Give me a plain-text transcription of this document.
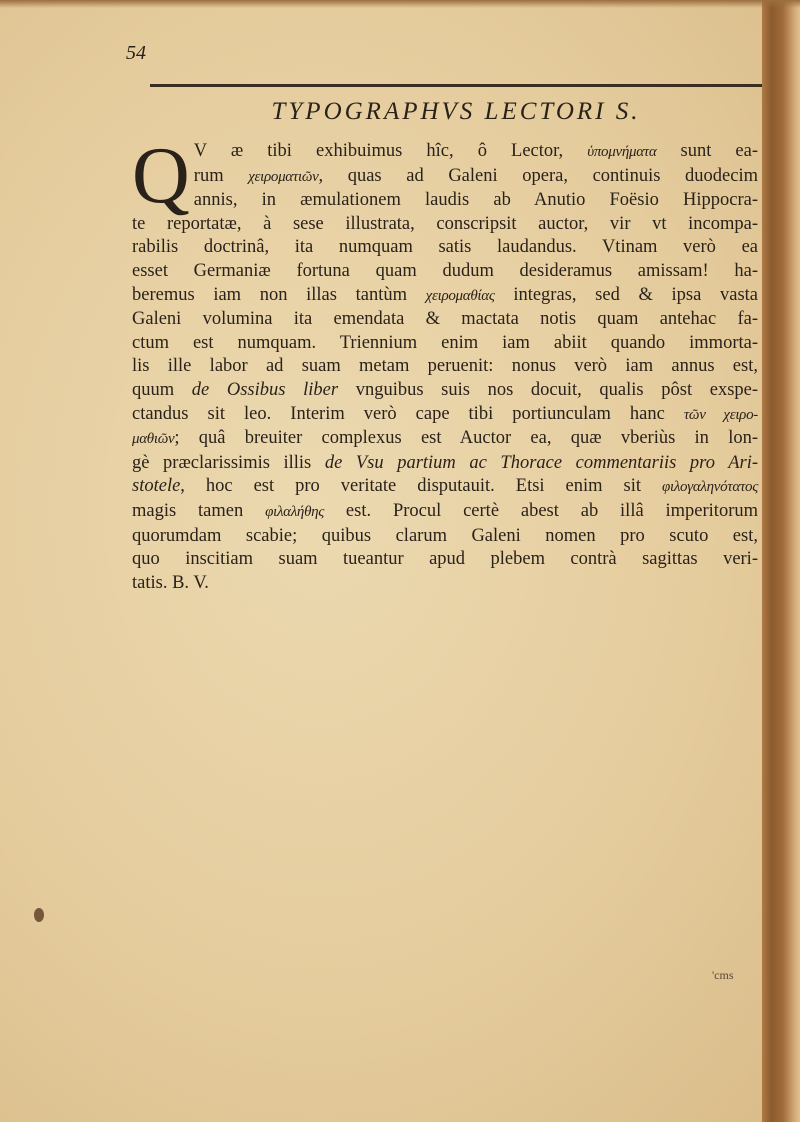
54
TYPOGRAPHVS LECTORI S.
Q V æ tibi exhibuimus hîc, ô Lector, ὑπομνήματα sunt ea-
rum χειροματιῶν, quas ad Galeni opera, continuis duodecim
annis, in æmulationem laudis ab Anutio Foësio Hippocra-
te reportatæ, à sese illustrata, conscripsit auctor, vir vt incompa-
rabilis doctrinâ, ita numquam satis laudandus. Vtinam verò ea
esset Germaniæ fortuna quam dudum desideramus amissam! ha-
beremus iam non illas tantùm χειρομαθίας integras, sed & ipsa vasta
Galeni volumina ita emendata & mactata notis quam antehac fa-
ctum est numquam. Triennium enim iam abiit quando immorta-
lis ille labor ad suam metam peruenit: nonus verò iam annus est,
quum de Ossibus liber vnguibus suis nos docuit, qualis pôst exspe-
ctandus sit leo. Interim verò cape tibi portiunculam hanc τῶν χειρο-
μαθιῶν; quâ breuiter complexus est Auctor ea, quæ vberiùs in lon-
gè præclarissimis illis de Vsu partium ac Thorace commentariis pro Ari-
stotele, hoc est pro veritate disputauit. Etsi enim sit φιλογαληνότατος
magis tamen φιλαλήθης est. Procul certè abest ab illâ imperitorum
quorumdam scabie; quibus clarum Galeni nomen pro scuto est,
quo inscitiam suam tueantur apud plebem contrà sagittas veri-
tatis. B. V.
'cms
